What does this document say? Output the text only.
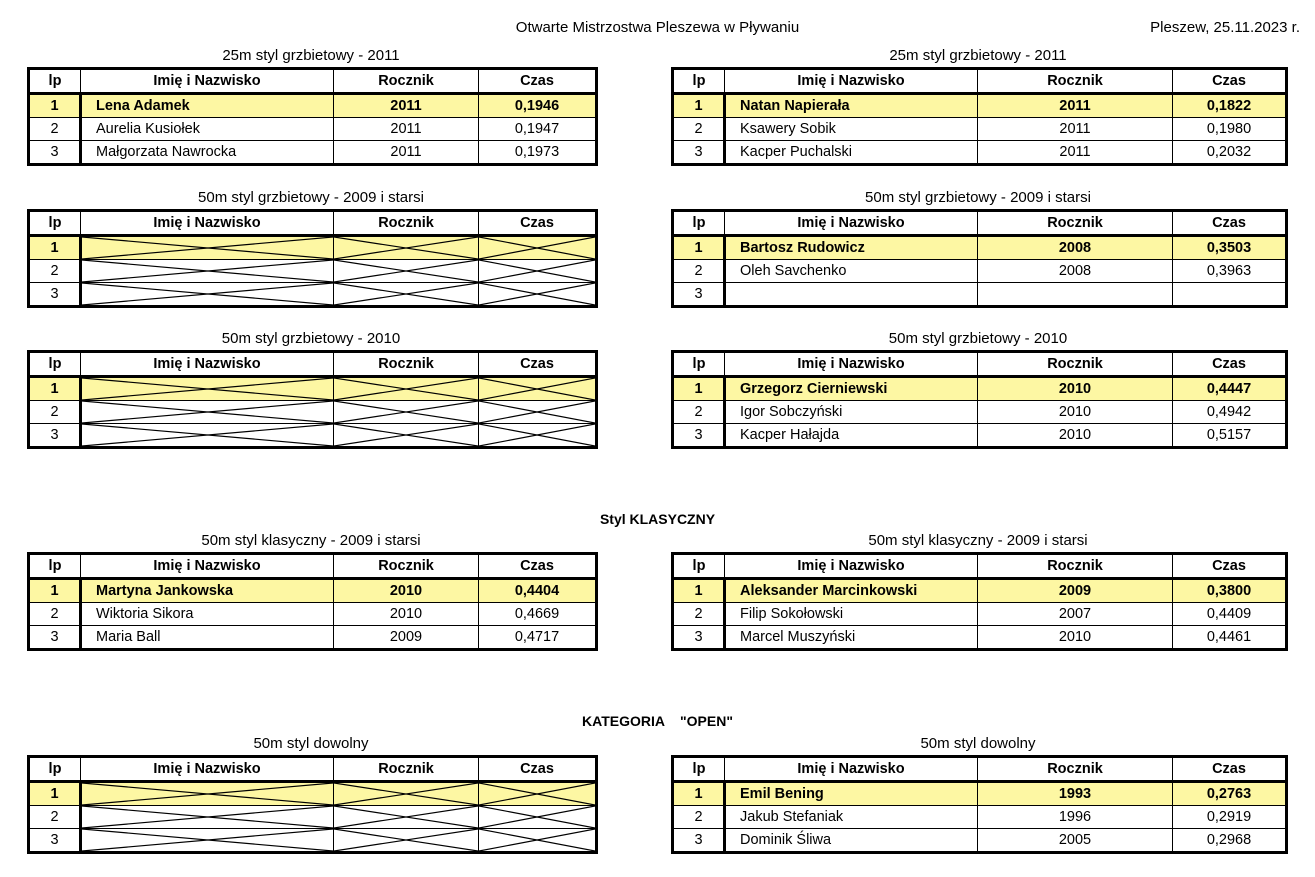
Otwarte Mistrzostwa Pleszewa w Pływaniu	Pleszew, 25.11.2023 r.
Styl KLASYCZNY
KATEGORIA    "OPEN"
25m styl grzbietowy - 2011
lp	Imię i Nazwisko	Rocznik	Czas
1	Lena Adamek	2011	0,1946
2	Aurelia Kusiołek	2011	0,1947
3	Małgorzata Nawrocka	2011	0,1973
25m styl grzbietowy - 2011
lp	Imię i Nazwisko	Rocznik	Czas
1	Natan Napierała	2011	0,1822
2	Ksawery Sobik	2011	0,1980
3	Kacper Puchalski	2011	0,2032
50m styl grzbietowy - 2009 i starsi
lp	Imię i Nazwisko	Rocznik	Czas
1	

2	

3	

50m styl grzbietowy - 2009 i starsi
lp	Imię i Nazwisko	Rocznik	Czas
1	Bartosz Rudowicz	2008	0,3503
2	Oleh Savchenko	2008	0,3963
3			
50m styl grzbietowy - 2010
lp	Imię i Nazwisko	Rocznik	Czas
1	

2	

3	

50m styl grzbietowy - 2010
lp	Imię i Nazwisko	Rocznik	Czas
1	Grzegorz Cierniewski	2010	0,4447
2	Igor Sobczyński	2010	0,4942
3	Kacper Hałajda	2010	0,5157
50m styl klasyczny - 2009 i starsi
lp	Imię i Nazwisko	Rocznik	Czas
1	Martyna Jankowska	2010	0,4404
2	Wiktoria Sikora	2010	0,4669
3	Maria Ball	2009	0,4717
50m styl klasyczny - 2009 i starsi
lp	Imię i Nazwisko	Rocznik	Czas
1	Aleksander Marcinkowski	2009	0,3800
2	Filip Sokołowski	2007	0,4409
3	Marcel Muszyński	2010	0,4461
50m styl dowolny
lp	Imię i Nazwisko	Rocznik	Czas
1	

2	

3	

50m styl dowolny
lp	Imię i Nazwisko	Rocznik	Czas
1	Emil Bening	1993	0,2763
2	Jakub Stefaniak	1996	0,2919
3	Dominik Śliwa	2005	0,2968
